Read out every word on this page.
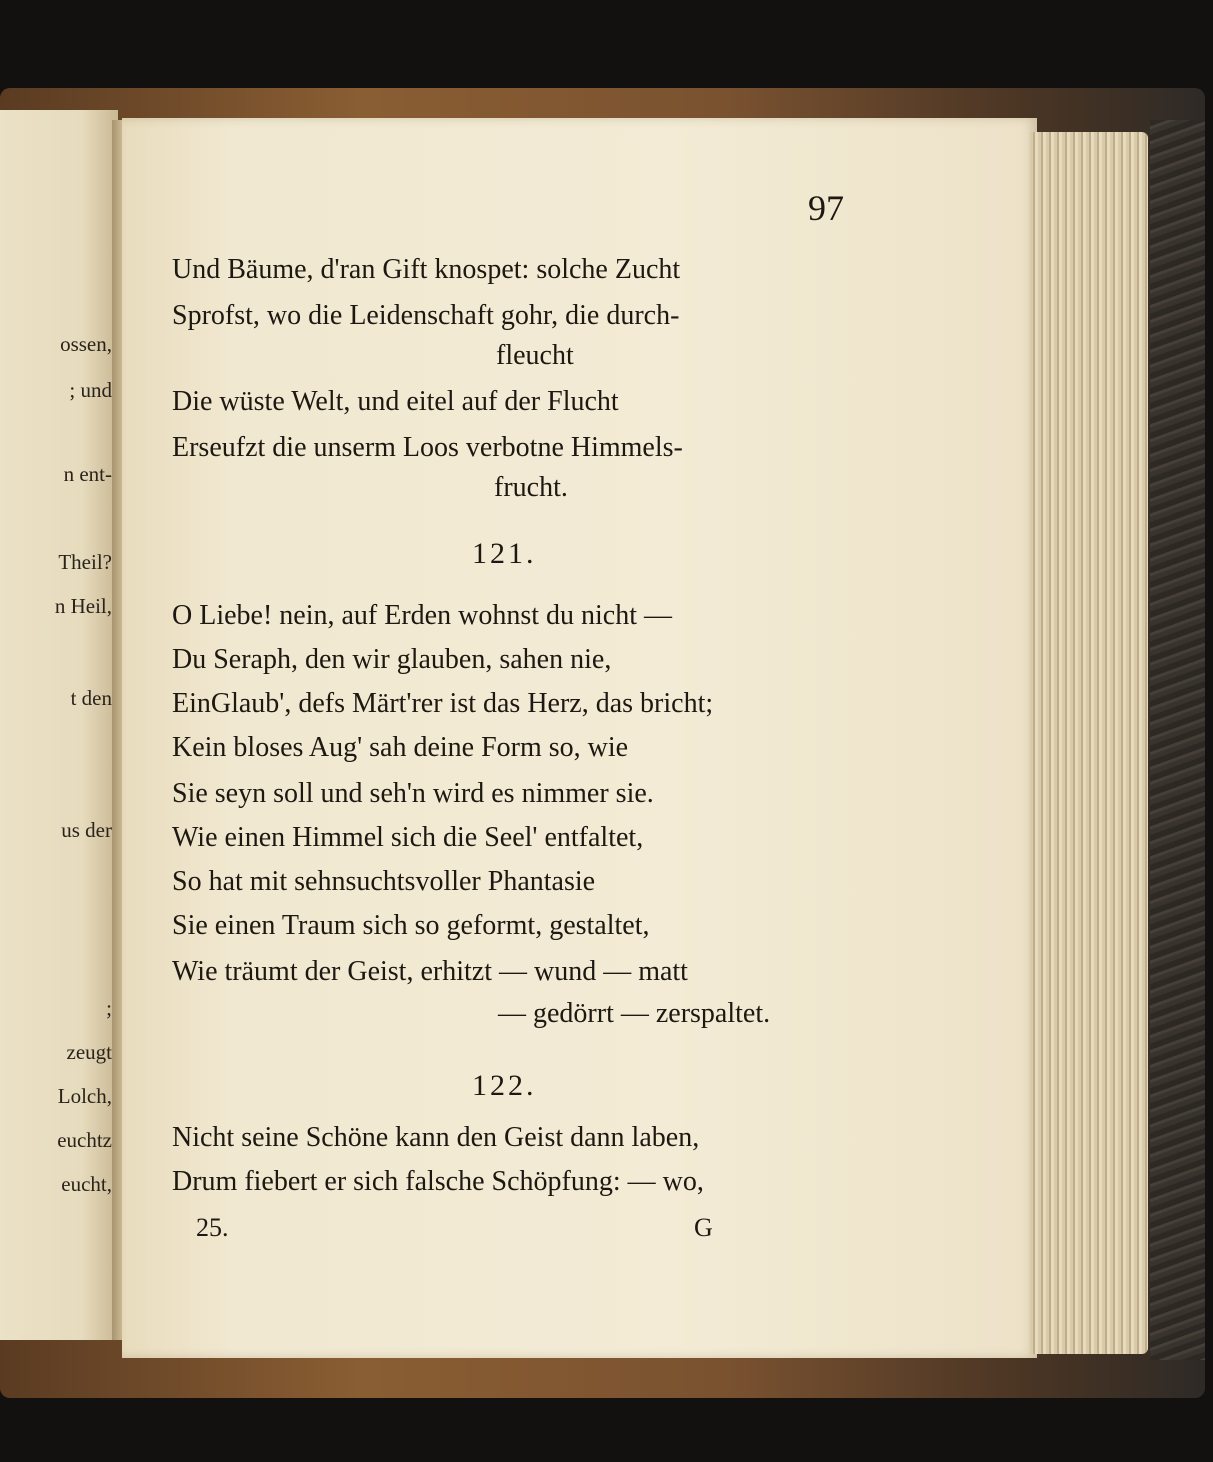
ossen,
; und
n ent-
Theil?
n Heil,
t den
us der
;
zeugt
Lolch,
euchtz
eucht,
97
Und Bäume, d'ran Gift knospet: solche Zucht
Sprofst, wo die Leidenschaft gohr, die durch-
fleucht
Die wüste Welt, und eitel auf der Flucht
Erseufzt die unserm Loos verbotne Himmels-
frucht.
121.
O Liebe! nein, auf Erden wohnst du nicht —
Du Seraph, den wir glauben, sahen nie,
EinGlaub', defs Märt'rer ist das Herz, das bricht;
Kein bloses Aug' sah deine Form so, wie
Sie seyn soll und seh'n wird es nimmer sie.
Wie einen Himmel sich die Seel' entfaltet,
So hat mit sehnsuchtsvoller Phantasie
Sie einen Traum sich so geformt, gestaltet,
Wie träumt der Geist, erhitzt — wund — matt
— gedörrt — zerspaltet.
122.
Nicht seine Schöne kann den Geist dann laben,
Drum fiebert er sich falsche Schöpfung: — wo,
25.	G
